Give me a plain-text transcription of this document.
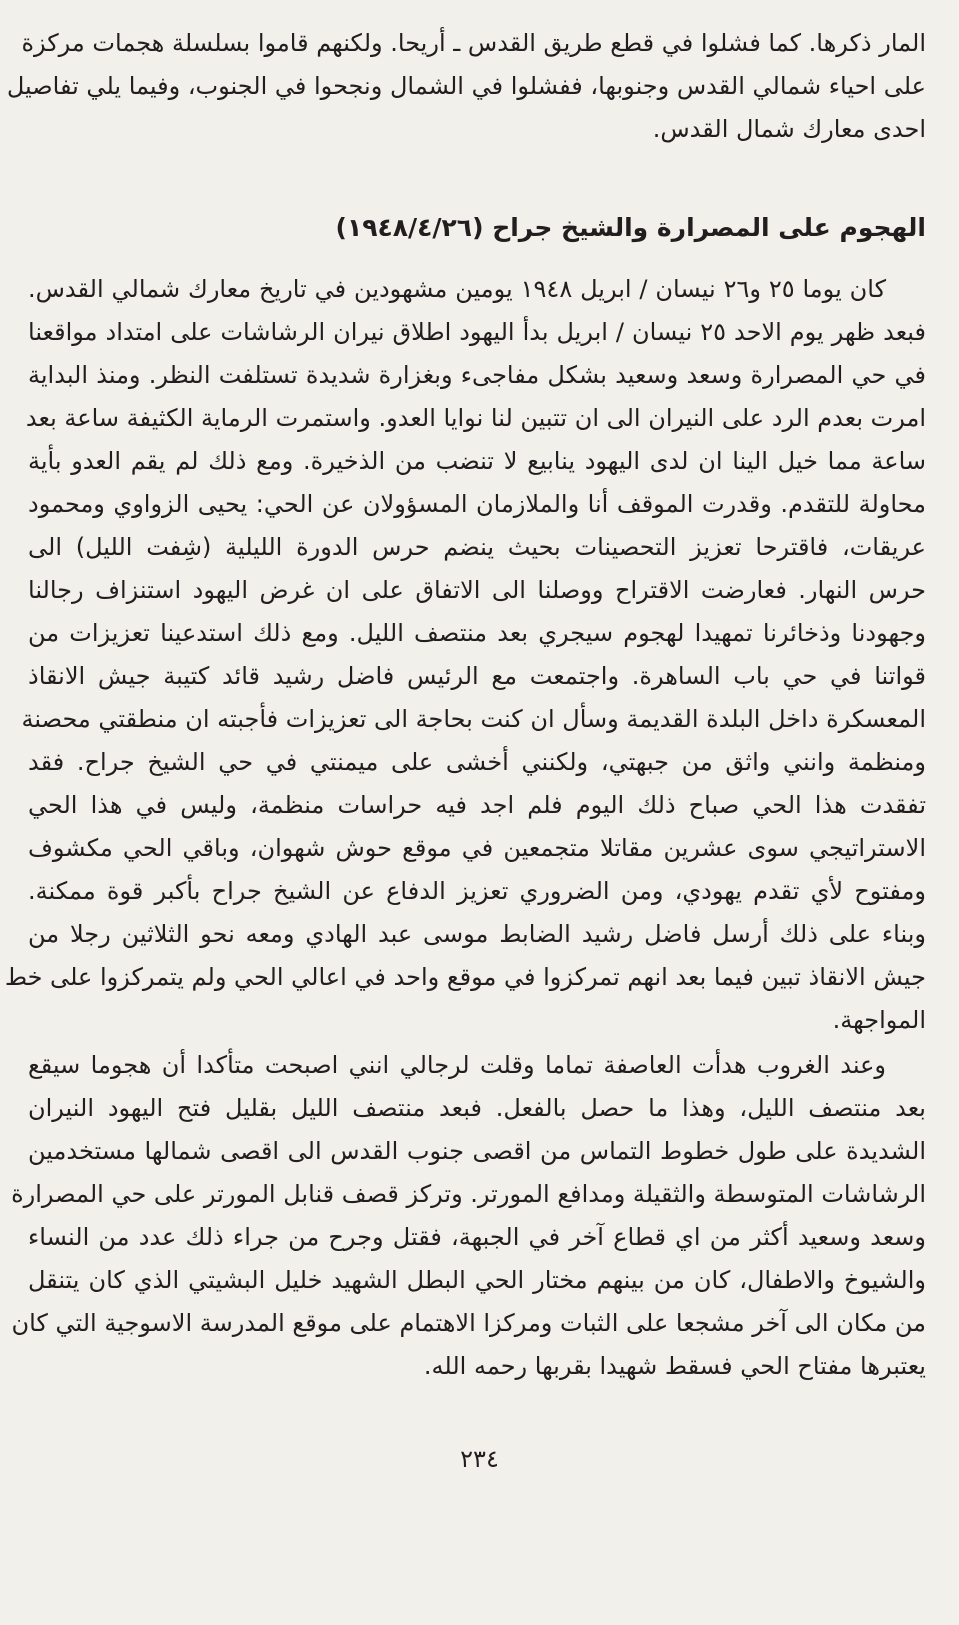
المار ذكرها. كما فشلوا في قطع طريق القدس ـ أريحا. ولكنهم قاموا بسلسلة هجمات مركزة
على احياء شمالي القدس وجنوبها، ففشلوا في الشمال ونجحوا في الجنوب، وفيما يلي تفاصيل
احدى معارك شمال القدس.
الهجوم على المصرارة والشيخ جراح (١٩٤٨/٤/٢٦)
كان يوما ٢٥ و٢٦ نيسان / ابريل ١٩٤٨ يومين مشهودين في تاريخ معارك شمالي القدس.
فبعد ظهر يوم الاحد ٢٥ نيسان / ابريل بدأ اليهود اطلاق نيران الرشاشات على امتداد مواقعنا
في حي المصرارة وسعد وسعيد بشكل مفاجىء وبغزارة شديدة تستلفت النظر. ومنذ البداية
امرت بعدم الرد على النيران الى ان تتبين لنا نوايا العدو. واستمرت الرماية الكثيفة ساعة بعد
ساعة مما خيل الينا ان لدى اليهود ينابيع لا تنضب من الذخيرة. ومع ذلك لم يقم العدو بأية
محاولة للتقدم. وقدرت الموقف أنا والملازمان المسؤولان عن الحي: يحيى الزواوي ومحمود
عريقات، فاقترحا تعزيز التحصينات بحيث ينضم حرس الدورة الليلية (شِفت الليل) الى
حرس النهار. فعارضت الاقتراح ووصلنا الى الاتفاق على ان غرض اليهود استنزاف رجالنا
وجهودنا وذخائرنا تمهيدا لهجوم سيجري بعد منتصف الليل. ومع ذلك استدعينا تعزيزات من
قواتنا في حي باب الساهرة. واجتمعت مع الرئيس فاضل رشيد قائد كتيبة جيش الانقاذ
المعسكرة داخل البلدة القديمة وسأل ان كنت بحاجة الى تعزيزات فأجبته ان منطقتي محصنة
ومنظمة وانني واثق من جبهتي، ولكنني أخشى على ميمنتي في حي الشيخ جراح. فقد
تفقدت هذا الحي صباح ذلك اليوم فلم اجد فيه حراسات منظمة، وليس في هذا الحي
الاستراتيجي سوى عشرين مقاتلا متجمعين في موقع حوش شهوان، وباقي الحي مكشوف
ومفتوح لأي تقدم يهودي، ومن الضروري تعزيز الدفاع عن الشيخ جراح بأكبر قوة ممكنة.
وبناء على ذلك أرسل فاضل رشيد الضابط موسى عبد الهادي ومعه نحو الثلاثين رجلا من
جيش الانقاذ تبين فيما بعد انهم تمركزوا في موقع واحد في اعالي الحي ولم يتمركزوا على خط
المواجهة.
وعند الغروب هدأت العاصفة تماما وقلت لرجالي انني اصبحت متأكدا أن هجوما سيقع
بعد منتصف الليل، وهذا ما حصل بالفعل. فبعد منتصف الليل بقليل فتح اليهود النيران
الشديدة على طول خطوط التماس من اقصى جنوب القدس الى اقصى شمالها مستخدمين
الرشاشات المتوسطة والثقيلة ومدافع المورتر. وتركز قصف قنابل المورتر على حي المصرارة
وسعد وسعيد أكثر من اي قطاع آخر في الجبهة، فقتل وجرح من جراء ذلك عدد من النساء
والشيوخ والاطفال، كان من بينهم مختار الحي البطل الشهيد خليل البشيتي الذي كان يتنقل
من مكان الى آخر مشجعا على الثبات ومركزا الاهتمام على موقع المدرسة الاسوجية التي كان
يعتبرها مفتاح الحي فسقط شهيدا بقربها رحمه الله.
٢٣٤
